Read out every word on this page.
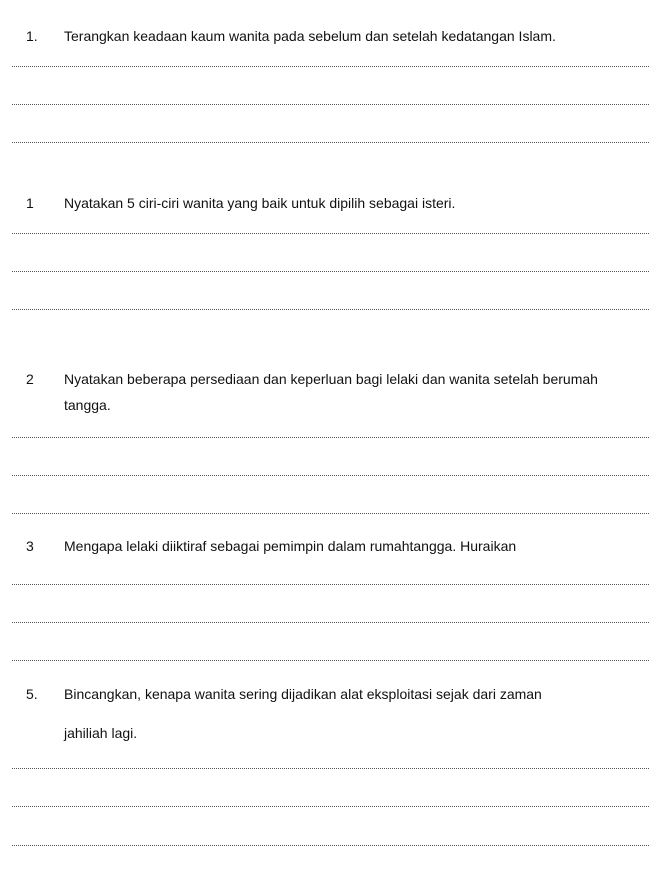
1. Terangkan keadaan kaum wanita pada sebelum dan setelah kedatangan Islam.
1 Nyatakan 5 ciri-ciri wanita yang baik untuk dipilih sebagai isteri.
2 Nyatakan beberapa persediaan dan keperluan bagi lelaki dan wanita setelah berumah tangga.
3 Mengapa lelaki diiktiraf sebagai pemimpin dalam rumahtangga. Huraikan
5. Bincangkan, kenapa wanita sering dijadikan alat eksploitasi sejak dari zaman
jahiliah lagi.
